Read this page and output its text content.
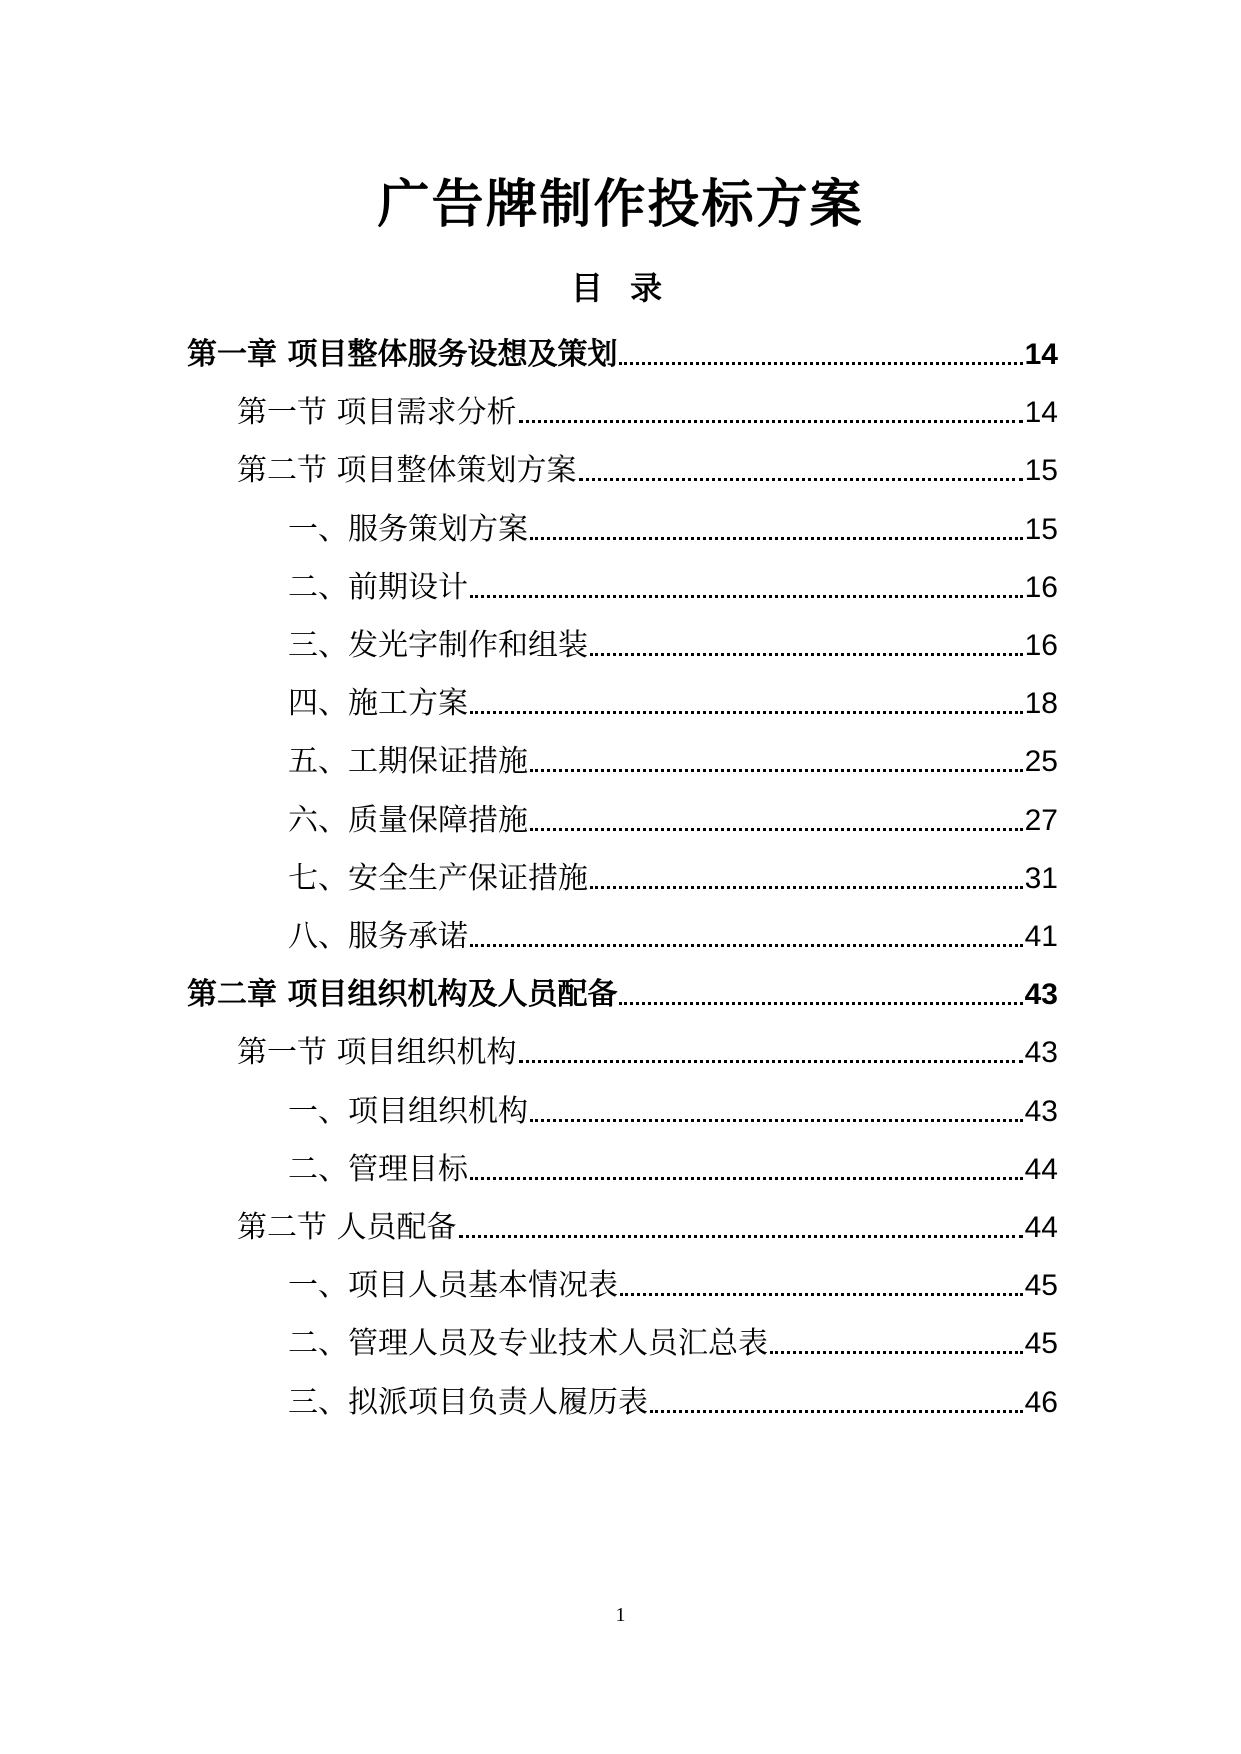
广告牌制作投标方案
目 录
第一章 项目整体服务设想及策划	14
第一节 项目需求分析	14
第二节 项目整体策划方案	15
一、服务策划方案	15
二、前期设计	16
三、发光字制作和组装	16
四、施工方案	18
五、工期保证措施	25
六、质量保障措施	27
七、安全生产保证措施	31
八、服务承诺	41
第二章 项目组织机构及人员配备	43
第一节 项目组织机构	43
一、项目组织机构	43
二、管理目标	44
第二节 人员配备	44
一、项目人员基本情况表	45
二、管理人员及专业技术人员汇总表	45
三、拟派项目负责人履历表	46
1
